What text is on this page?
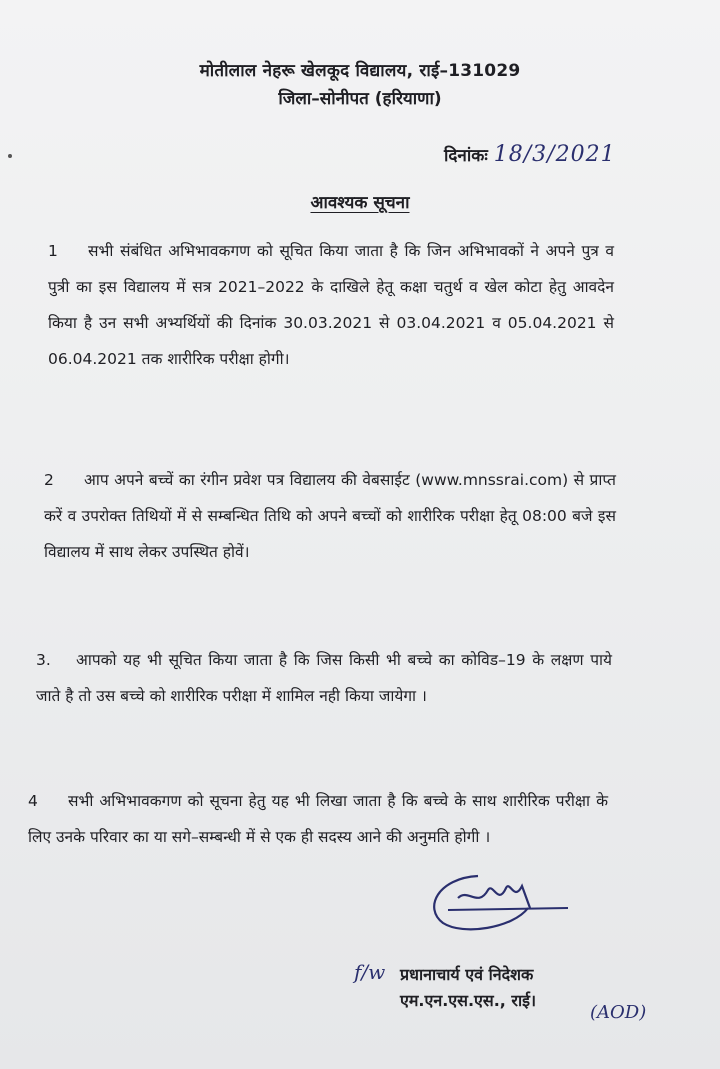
मोतीलाल नेहरू खेलकूद विद्यालय, राई–131029
जिला–सोनीपत (हरियाणा)
दिनांकः 18/3/2021
आवश्यक सूचना
1 सभी संबंधित अभिभावकगण को सूचित किया जाता है कि जिन अभिभावकों ने अपने पुत्र व पुत्री का इस विद्यालय में सत्र 2021–2022 के दाखिले हेतू कक्षा चतुर्थ व खेल कोटा हेतु आवदेन किया है उन सभी अभ्यर्थियों की दिनांक 30.03.2021 से 03.04.2021 व 05.04.2021 से 06.04.2021 तक शारीरिक परीक्षा होगी।
2 आप अपने बच्चें का रंगीन प्रवेश पत्र विद्यालय की वेबसाईट (www.mnssrai.com) से प्राप्त करें व उपरोक्त तिथियों में से सम्बन्धित तिथि को अपने बच्चों को शारीरिक परीक्षा हेतू 08:00 बजे इस विद्यालय में साथ लेकर उपस्थित होवें।
3. आपको यह भी सूचित किया जाता है कि जिस किसी भी बच्चे का कोविड–19 के लक्षण पाये जाते है तो उस बच्चे को शारीरिक परीक्षा में शामिल नही किया जायेगा ।
4 सभी अभिभावकगण को सूचना हेतु यह भी लिखा जाता है कि बच्चे के साथ शारीरिक परीक्षा के लिए उनके परिवार का या सगे–सम्बन्धी में से एक ही सदस्य आने की अनुमति होगी ।
f/w प्रधानाचार्य एवं निदेशक
एम.एन.एस.एस., राई।
(AOD)
